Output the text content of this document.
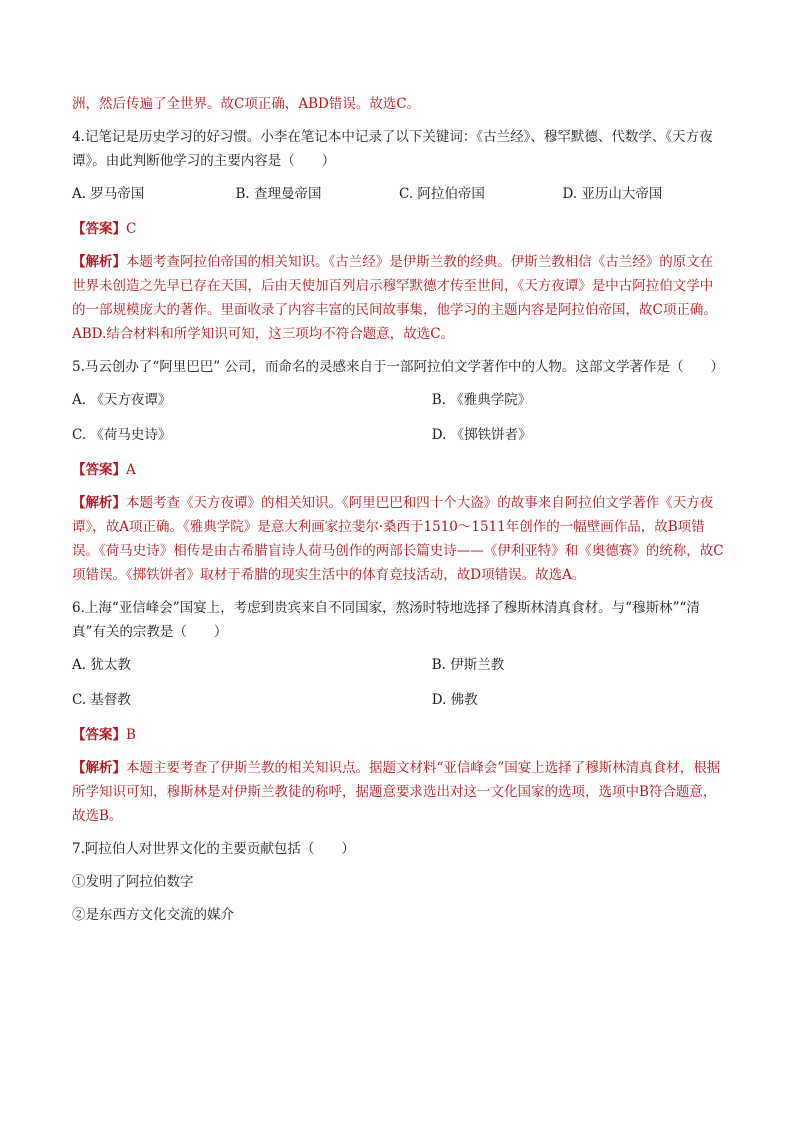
洲，然后传遍了全世界。故C项正确，ABD错误。故选C。

4.记笔记是历史学习的好习惯。小李在笔记本中记录了以下关键词：《古兰经》、穆罕默德、代数学、《天方夜谭》。由此判断他学习的主要内容是（　　）

A. 罗马帝国	B. 查理曼帝国	C. 阿拉伯帝国	D. 亚历山大帝国
【答案】C

【解析】本题考查阿拉伯帝国的相关知识。《古兰经》是伊斯兰教的经典。伊斯兰教相信《古兰经》的原文在世界未创造之先早已存在天国，后由天使加百列启示穆罕默德才传至世间，《天方夜谭》是中古阿拉伯文学中的一部规模庞大的著作。里面收录了内容丰富的民间故事集，他学习的主题内容是阿拉伯帝国，故C项正确。ABD.结合材料和所学知识可知，这三项均不符合题意，故选C。

5.马云创办了“阿里巴巴” 公司，而命名的灵感来自于一部阿拉伯文学著作中的人物。这部文学著作是（　　）

A. 《天方夜谭》	B. 《雅典学院》
C. 《荷马史诗》	D. 《掷铁饼者》
【答案】A

【解析】本题考查《天方夜谭》的相关知识。《阿里巴巴和四十个大盗》的故事来自阿拉伯文学著作《天方夜谭》，故A项正确。《雅典学院》是意大利画家拉斐尔·桑西于1510～1511年创作的一幅壁画作品，故B项错误。《荷马史诗》相传是由古希腊盲诗人荷马创作的两部长篇史诗——《伊利亚特》和《奥德赛》的统称，故C项错误。《掷铁饼者》取材于希腊的现实生活中的体育竞技活动，故D项错误。故选A。

6.上海“亚信峰会”国宴上，考虑到贵宾来自不同国家，熬汤时特地选择了穆斯林清真食材。与“穆斯林”“清真”有关的宗教是（　　）

A. 犹太教	B. 伊斯兰教
C. 基督教	D. 佛教
【答案】B

【解析】本题主要考查了伊斯兰教的相关知识点。据题文材料“亚信峰会”国宴上选择了穆斯林清真食材，根据所学知识可知，穆斯林是对伊斯兰教徒的称呼，据题意要求选出对这一文化国家的选项，选项中B符合题意，故选B。

7.阿拉伯人对世界文化的主要贡献包括（　　）

①发明了阿拉伯数字

②是东西方文化交流的媒介
